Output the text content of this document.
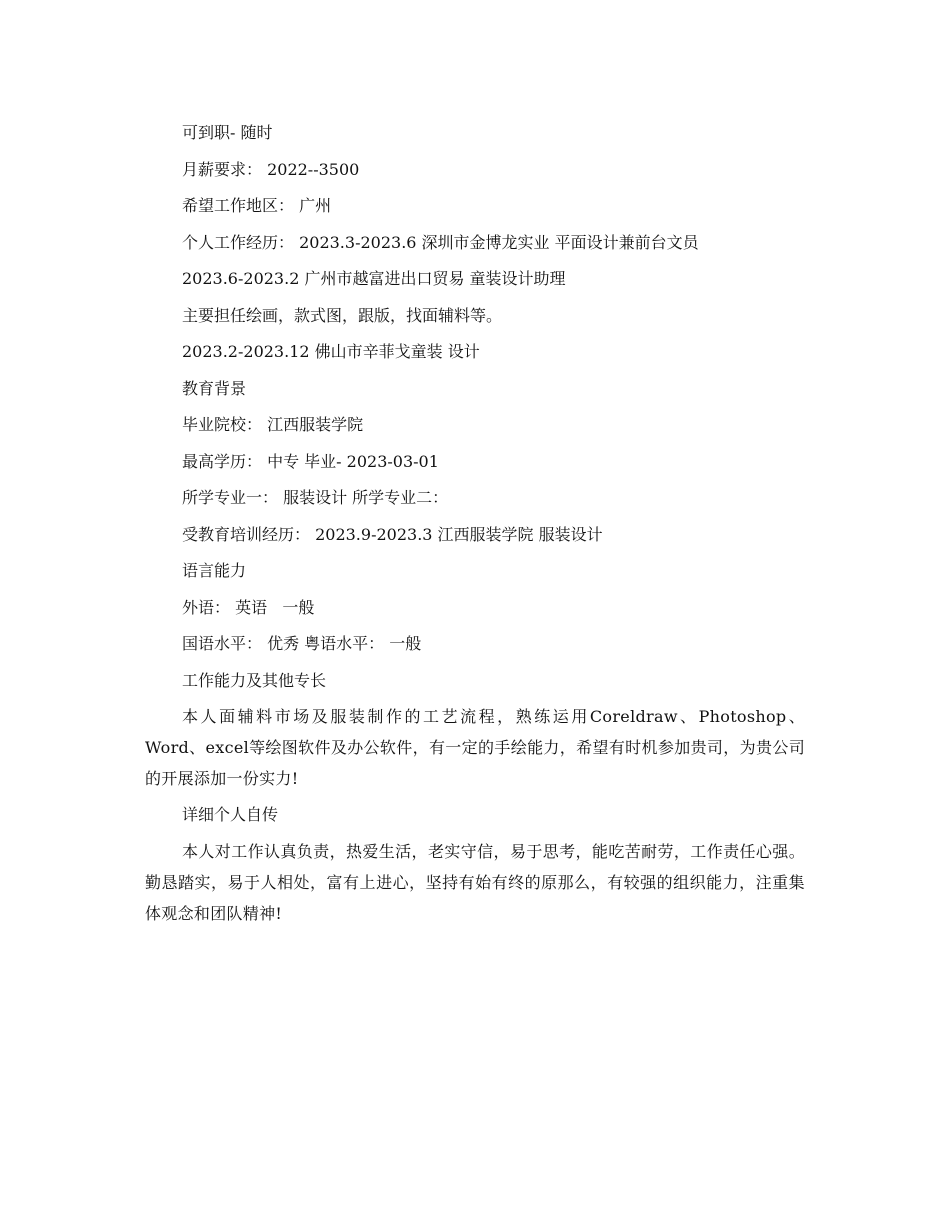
可到职- 随时
月薪要求： 2022--3500
希望工作地区： 广州
个人工作经历： 2023.3-2023.6 深圳市金博龙实业 平面设计兼前台文员
2023.6-2023.2 广州市越富进出口贸易 童装设计助理
主要担任绘画，款式图，跟版，找面辅料等。
2023.2-2023.12 佛山市辛菲戈童装 设计
教育背景
毕业院校： 江西服装学院
最高学历： 中专 毕业- 2023-03-01
所学专业一： 服装设计 所学专业二：
受教育培训经历： 2023.9-2023.3 江西服装学院 服装设计
语言能力
外语： 英语   一般
国语水平： 优秀 粤语水平： 一般
工作能力及其他专长
本人面辅料市场及服装制作的工艺流程，熟练运用Coreldraw、Photoshop、Word、excel等绘图软件及办公软件，有一定的手绘能力，希望有时机参加贵司，为贵公司的开展添加一份实力!
详细个人自传
本人对工作认真负责，热爱生活，老实守信，易于思考，能吃苦耐劳，工作责任心强。勤恳踏实，易于人相处，富有上进心，坚持有始有终的原那么，有较强的组织能力，注重集体观念和团队精神!
